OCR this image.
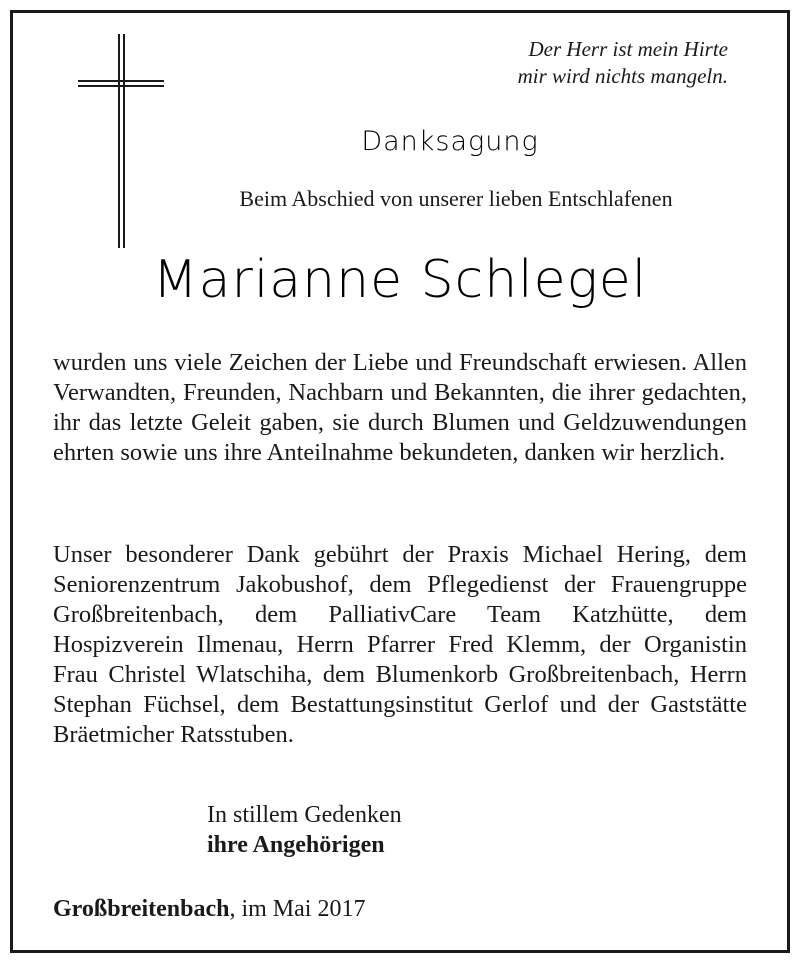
Der Herr ist mein Hirte
mir wird nichts mangeln.
Danksagung
Beim Abschied von unserer lieben Entschlafenen
Marianne Schlegel
wurden uns viele Zeichen der Liebe und Freundschaft erwiesen. Allen Verwandten, Freunden, Nachbarn und Bekannten, die ihrer gedachten, ihr das letzte Geleit gaben, sie durch Blumen und Geldzuwendungen ehrten sowie uns ihre Anteilnahme bekundeten, danken wir herzlich.
Unser besonderer Dank gebührt der Praxis Michael Hering, dem Seniorenzentrum Jakobushof, dem Pflegedienst der Frauengruppe Großbreitenbach, dem PalliativCare Team Katzhütte, dem Hospizverein Ilmenau, Herrn Pfarrer Fred Klemm, der Organistin Frau Christel Wlatschiha, dem Blumenkorb Großbreitenbach, Herrn Stephan Füchsel, dem Bestattungsinstitut Gerlof und der Gaststätte Bräetmicher Ratsstuben.
In stillem Gedenken
ihre Angehörigen
Großbreitenbach, im Mai 2017
